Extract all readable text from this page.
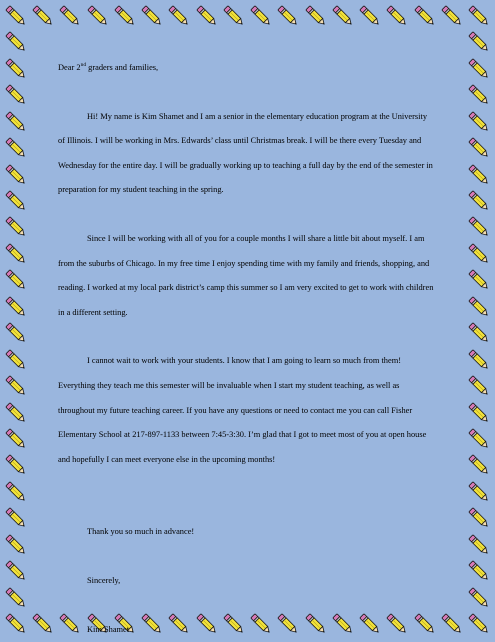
Dear 2nd graders and families,

Hi! My name is Kim Shamet and I am a senior in the elementary education program at the University of Illinois. I will be working in Mrs. Edwards’ class until Christmas break. I will be there every Tuesday and Wednesday for the entire day. I will be gradually working up to teaching a full day by the end of the semester in preparation for my student teaching in the spring.

Since I will be working with all of you for a couple months I will share a little bit about myself. I am from the suburbs of Chicago. In my free time I enjoy spending time with my family and friends, shopping, and reading. I worked at my local park district’s camp this summer so I am very excited to get to work with children in a different setting.

I cannot wait to work with your students. I know that I am going to learn so much from them! Everything they teach me this semester will be invaluable when I start my student teaching, as well as throughout my future teaching career. If you have any questions or need to contact me you can call Fisher Elementary School at 217-897-1133 between 7:45-3:30. I’m glad that I got to meet most of you at open house and hopefully I can meet everyone else in the upcoming months!

Thank you so much in advance!

Sincerely,

Kim Shamet
